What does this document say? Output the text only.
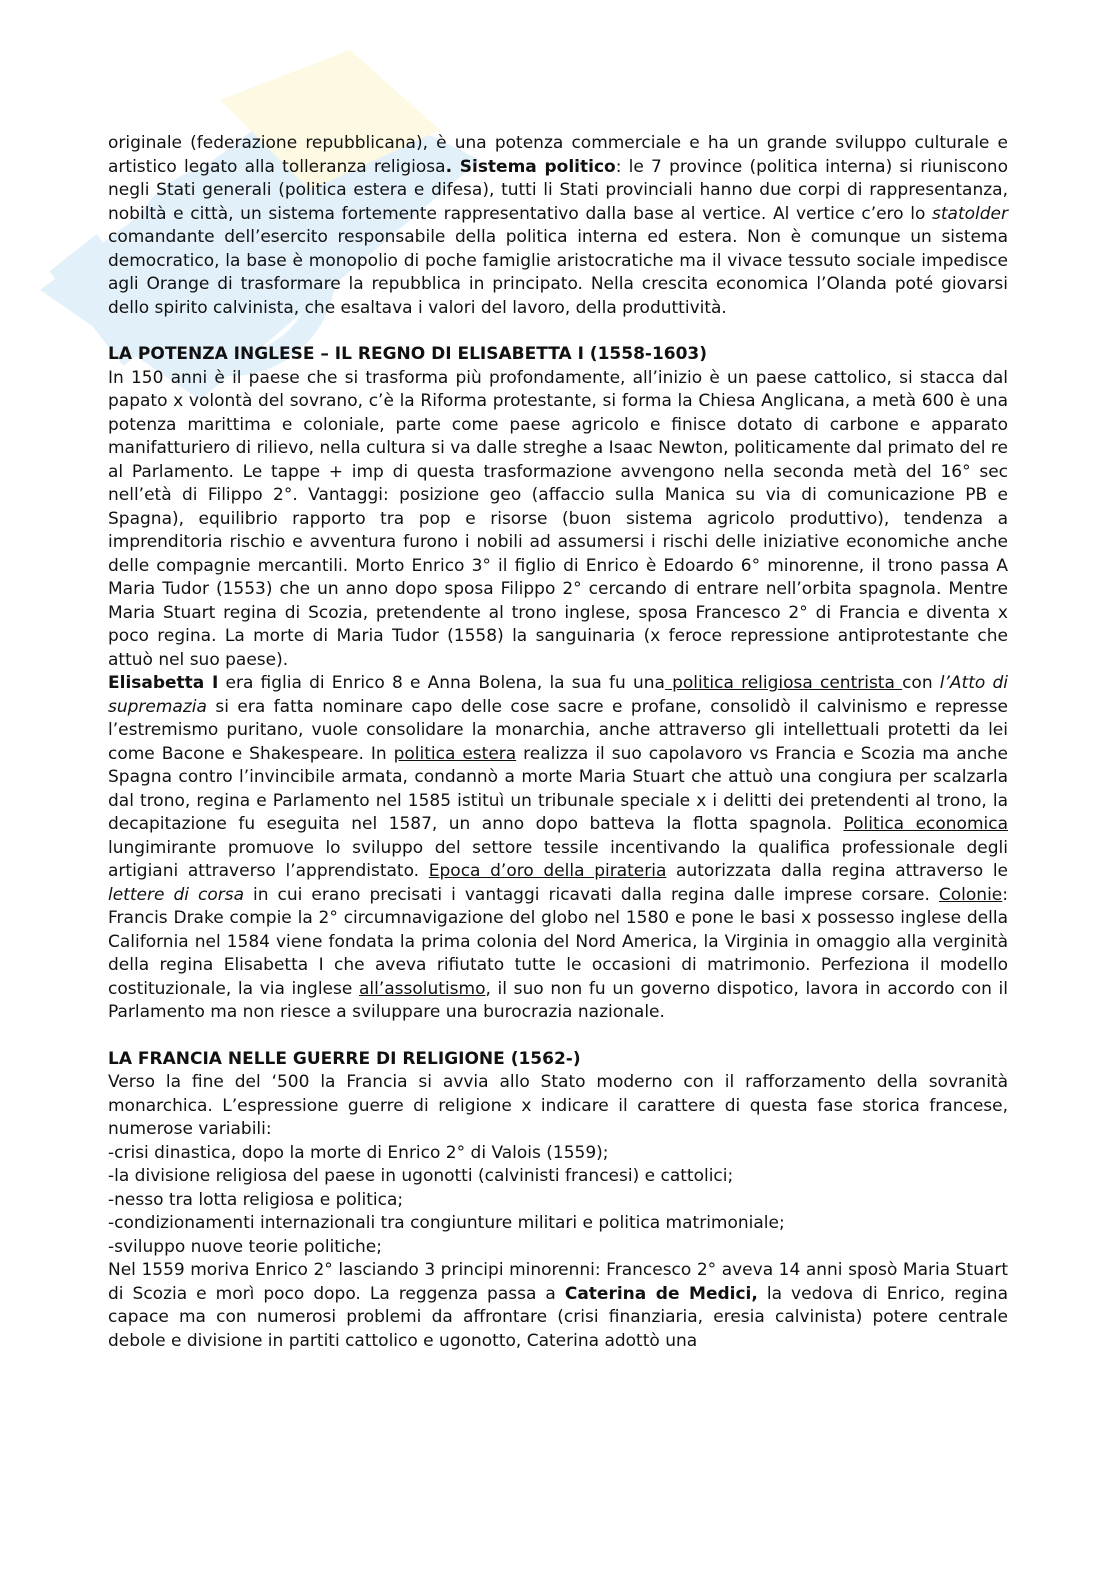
originale (federazione repubblicana), è una potenza commerciale e ha un grande sviluppo culturale e artistico legato alla tolleranza religiosa. Sistema politico: le 7 province (politica interna) si riuniscono negli Stati generali (politica estera e difesa), tutti li Stati provinciali hanno due corpi di rappresentanza, nobiltà e città, un sistema fortemente rappresentativo dalla base al vertice. Al vertice c’ero lo statolder comandante dell’esercito responsabile della politica interna ed estera. Non è comunque un sistema democratico, la base è monopolio di poche famiglie aristocratiche ma il vivace tessuto sociale impedisce agli Orange di trasformare la repubblica in principato. Nella crescita economica l’Olanda poté giovarsi dello spirito calvinista, che esaltava i valori del lavoro, della produttività.

LA POTENZA INGLESE – IL REGNO DI ELISABETTA I (1558-1603)

In 150 anni è il paese che si trasforma più profondamente, all’inizio è un paese cattolico, si stacca dal papato x volontà del sovrano, c’è la Riforma protestante, si forma la Chiesa Anglicana, a metà 600 è una potenza marittima e coloniale, parte come paese agricolo e finisce dotato di carbone e apparato manifatturiero di rilievo, nella cultura si va dalle streghe a Isaac Newton, politicamente dal primato del re al Parlamento. Le tappe + imp di questa trasformazione avvengono nella seconda metà del 16° sec nell’età di Filippo 2°. Vantaggi: posizione geo (affaccio sulla Manica su via di comunicazione PB e Spagna), equilibrio rapporto tra pop e risorse (buon sistema agricolo produttivo), tendenza a imprenditoria rischio e avventura furono i nobili ad assumersi i rischi delle iniziative economiche anche delle compagnie mercantili. Morto Enrico 3° il figlio di Enrico è Edoardo 6° minorenne, il trono passa A Maria Tudor (1553) che un anno dopo sposa Filippo 2° cercando di entrare nell’orbita spagnola. Mentre Maria Stuart regina di Scozia, pretendente al trono inglese, sposa Francesco 2° di Francia e diventa x poco regina. La morte di Maria Tudor (1558) la sanguinaria (x feroce repressione antiprotestante che attuò nel suo paese).

Elisabetta I era figlia di Enrico 8 e Anna Bolena, la sua fu una politica religiosa centrista con l’Atto di supremazia si era fatta nominare capo delle cose sacre e profane, consolidò il calvinismo e represse l’estremismo puritano, vuole consolidare la monarchia, anche attraverso gli intellettuali protetti da lei come Bacone e Shakespeare. In politica estera realizza il suo capolavoro vs Francia e Scozia ma anche Spagna contro l’invincibile armata, condannò a morte Maria Stuart che attuò una congiura per scalzarla dal trono, regina e Parlamento nel 1585 istituì un tribunale speciale x i delitti dei pretendenti al trono, la decapitazione fu eseguita nel 1587, un anno dopo batteva la flotta spagnola. Politica economica lungimirante promuove lo sviluppo del settore tessile incentivando la qualifica professionale degli artigiani attraverso l’apprendistato. Epoca d’oro della pirateria autorizzata dalla regina attraverso le lettere di corsa in cui erano precisati i vantaggi ricavati dalla regina dalle imprese corsare. Colonie: Francis Drake compie la 2° circumnavigazione del globo nel 1580 e pone le basi x possesso inglese della California nel 1584 viene fondata la prima colonia del Nord America, la Virginia in omaggio alla verginità della regina Elisabetta I che aveva rifiutato tutte le occasioni di matrimonio. Perfeziona il modello costituzionale, la via inglese all’assolutismo, il suo non fu un governo dispotico, lavora in accordo con il Parlamento ma non riesce a sviluppare una burocrazia nazionale.

LA FRANCIA NELLE GUERRE DI RELIGIONE (1562-)

Verso la fine del ‘500 la Francia si avvia allo Stato moderno con il rafforzamento della sovranità monarchica. L’espressione guerre di religione x indicare il carattere di questa fase storica francese, numerose variabili:

-crisi dinastica, dopo la morte di Enrico 2° di Valois (1559);

-la divisione religiosa del paese in ugonotti (calvinisti francesi) e cattolici;

-nesso tra lotta religiosa e politica;

-condizionamenti internazionali tra congiunture militari e politica matrimoniale;

-sviluppo nuove teorie politiche;

Nel 1559 moriva Enrico 2° lasciando 3 principi minorenni: Francesco 2° aveva 14 anni sposò Maria Stuart di Scozia e morì poco dopo. La reggenza passa a Caterina de Medici, la vedova di Enrico, regina capace ma con numerosi problemi da affrontare (crisi finanziaria, eresia calvinista) potere centrale debole e divisione in partiti cattolico e ugonotto, Caterina adottò una
